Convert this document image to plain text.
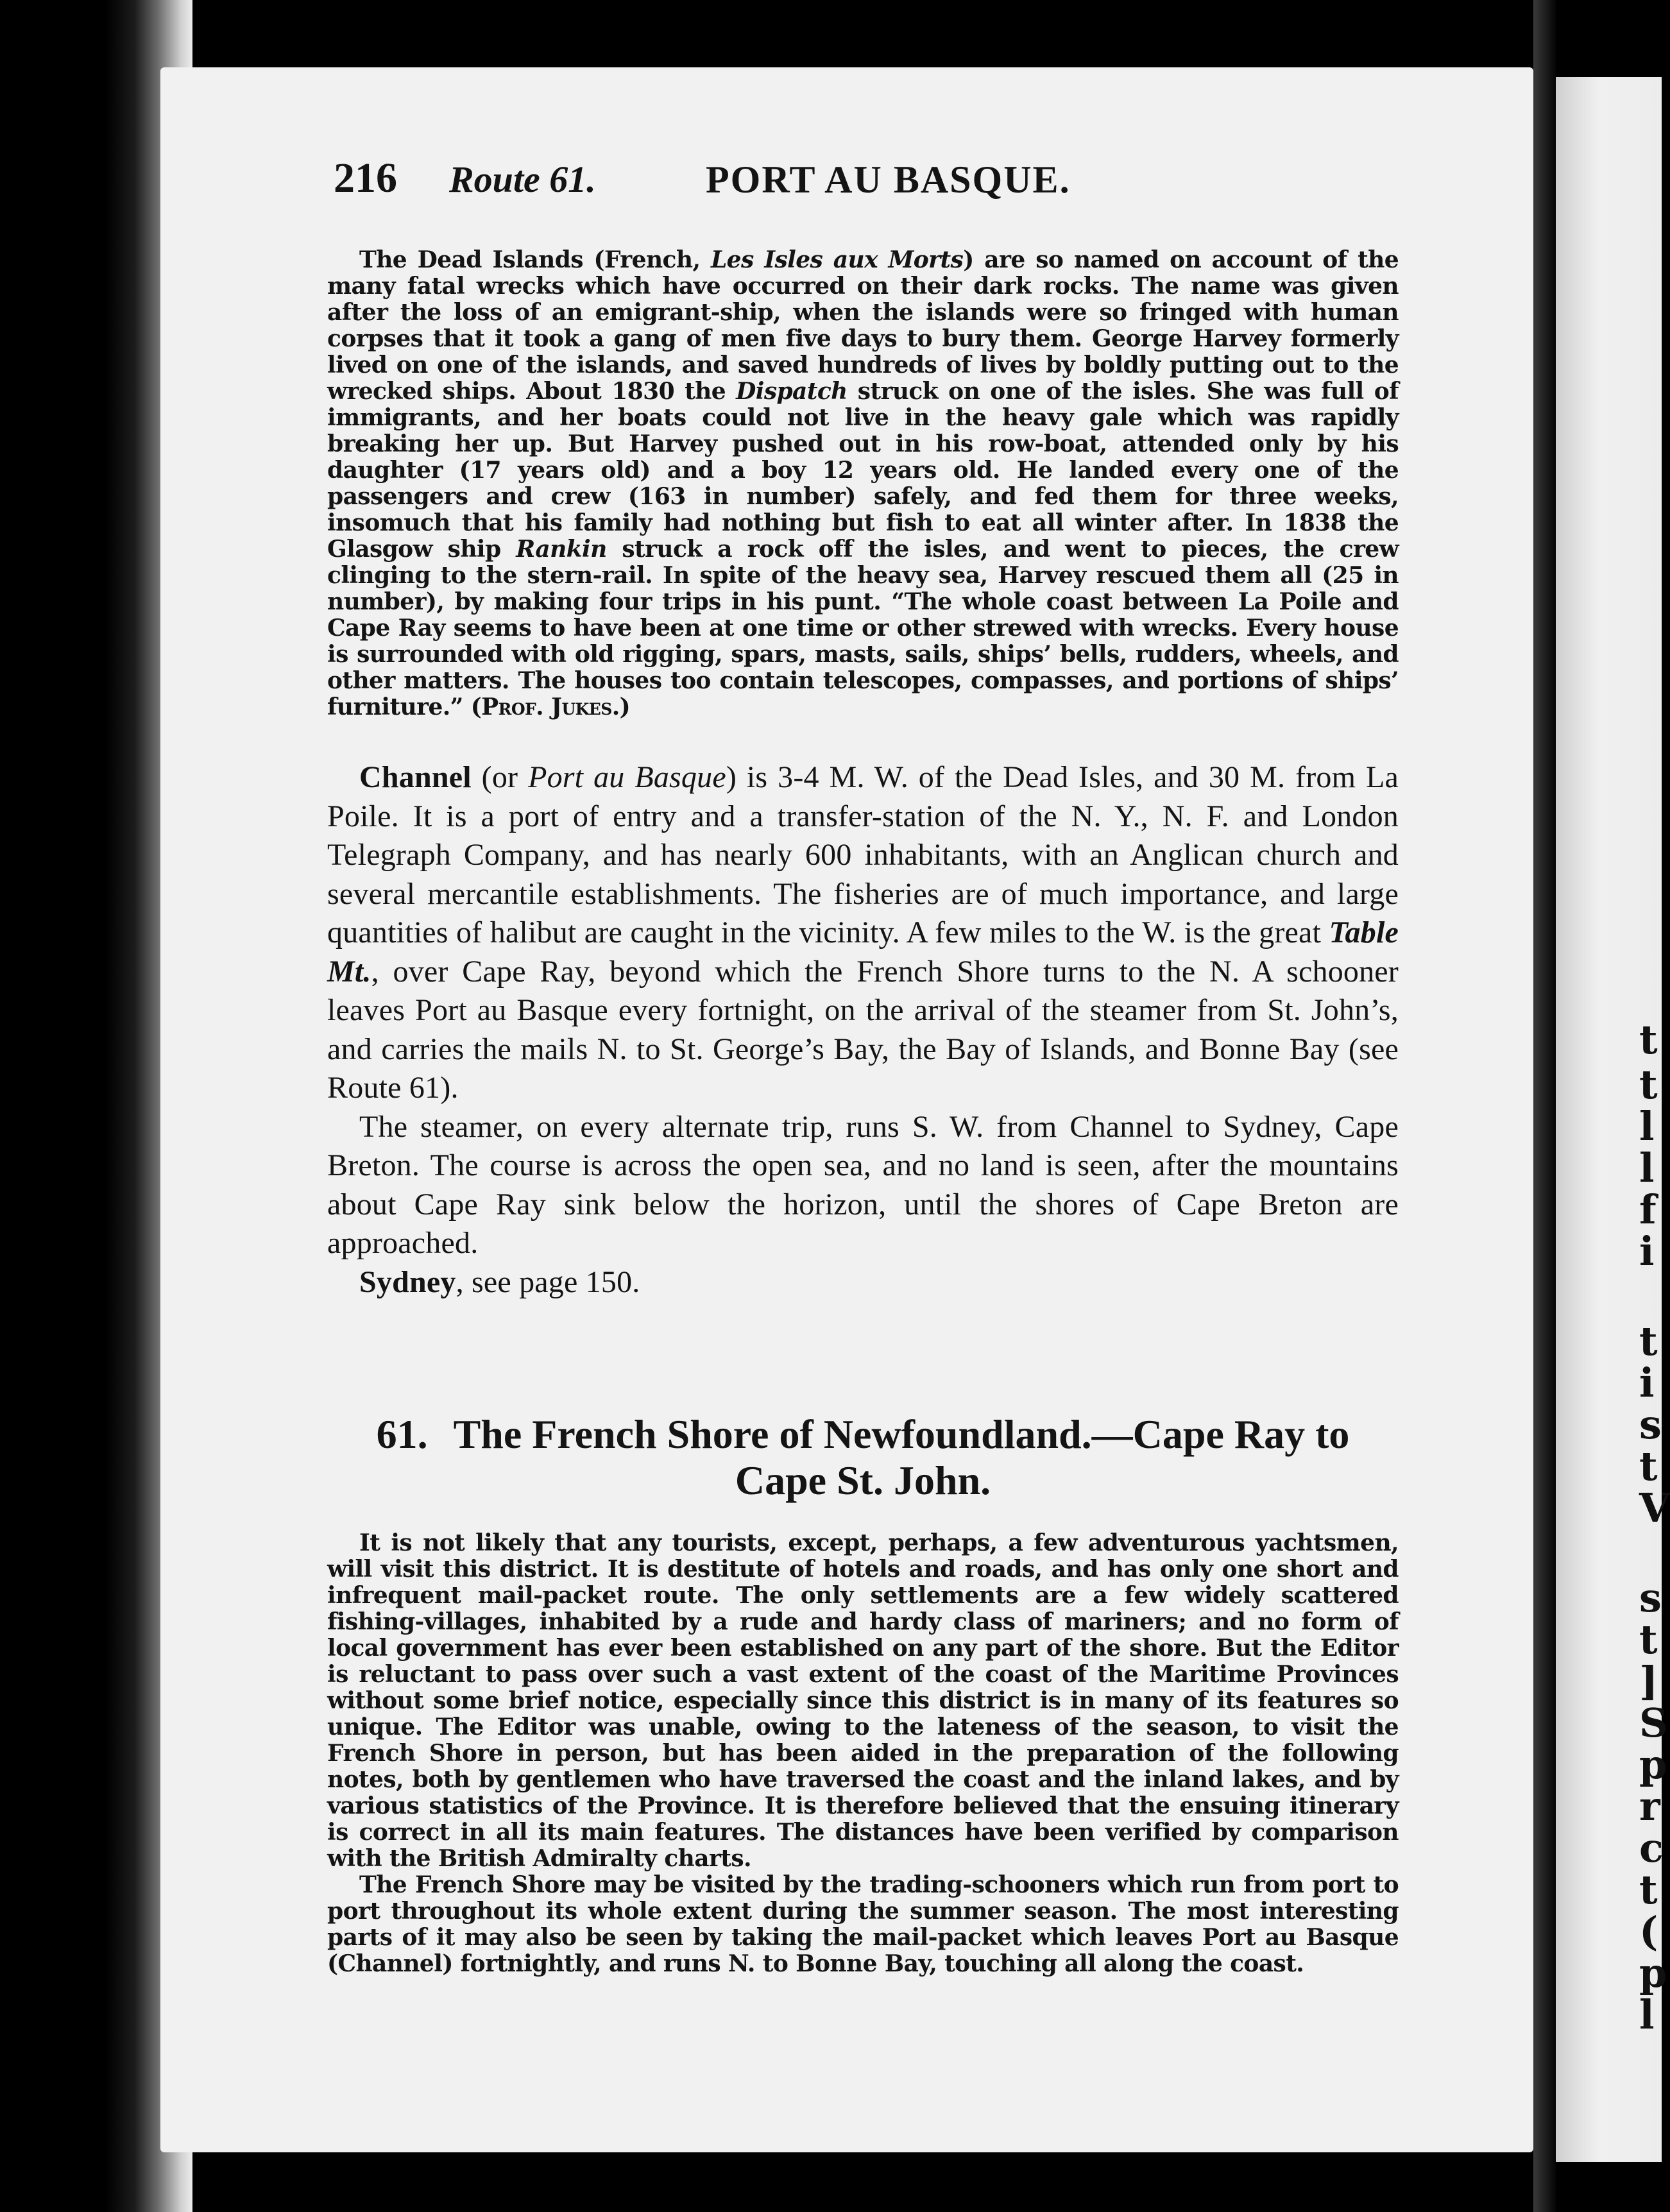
t
t
l
l
f
i
t
i
s
t
V
s
t
]
S
p
r
c
t
(
p
l
216 Route 61.	PORT AU BASQUE.

The Dead Islands (French, Les Isles aux Morts) are so named on account of the many fatal wrecks which have occurred on their dark rocks. The name was given after the loss of an emigrant-ship, when the islands were so fringed with human corpses that it took a gang of men five days to bury them. George Harvey formerly lived on one of the islands, and saved hundreds of lives by boldly putting out to the wrecked ships. About 1830 the Dispatch struck on one of the isles. She was full of immigrants, and her boats could not live in the heavy gale which was rapidly breaking her up. But Harvey pushed out in his row-boat, attended only by his daughter (17 years old) and a boy 12 years old. He landed every one of the passengers and crew (163 in number) safely, and fed them for three weeks, insomuch that his family had nothing but fish to eat all winter after. In 1838 the Glasgow ship Rankin struck a rock off the isles, and went to pieces, the crew clinging to the stern-rail. In spite of the heavy sea, Harvey rescued them all (25 in number), by making four trips in his punt. “The whole coast between La Poile and Cape Ray seems to have been at one time or other strewed with wrecks. Every house is surrounded with old rigging, spars, masts, sails, ships’ bells, rudders, wheels, and other matters. The houses too contain telescopes, compasses, and portions of ships’ furniture.” (Prof. Jukes.)

Channel (or Port au Basque) is 3-4 M. W. of the Dead Isles, and 30 M. from La Poile. It is a port of entry and a transfer-station of the N. Y., N. F. and London Telegraph Company, and has nearly 600 inhabitants, with an Anglican church and several mercantile establishments. The fisheries are of much importance, and large quantities of halibut are caught in the vicinity. A few miles to the W. is the great Table Mt., over Cape Ray, beyond which the French Shore turns to the N. A schooner leaves Port au Basque every fortnight, on the arrival of the steamer from St. John’s, and carries the mails N. to St. George’s Bay, the Bay of Islands, and Bonne Bay (see Route 61).

The steamer, on every alternate trip, runs S. W. from Channel to Sydney, Cape Breton. The course is across the open sea, and no land is seen, after the mountains about Cape Ray sink below the horizon, until the shores of Cape Breton are approached.

Sydney, see page 150.

61. The French Shore of Newfoundland.—Cape Ray to Cape St. John.

It is not likely that any tourists, except, perhaps, a few adventurous yachtsmen, will visit this district. It is destitute of hotels and roads, and has only one short and infrequent mail-packet route. The only settlements are a few widely scattered fishing-villages, inhabited by a rude and hardy class of mariners; and no form of local government has ever been established on any part of the shore. But the Editor is reluctant to pass over such a vast extent of the coast of the Maritime Provinces without some brief notice, especially since this district is in many of its features so unique. The Editor was unable, owing to the lateness of the season, to visit the French Shore in person, but has been aided in the preparation of the following notes, both by gentlemen who have traversed the coast and the inland lakes, and by various statistics of the Province. It is therefore believed that the ensuing itinerary is correct in all its main features. The distances have been verified by comparison with the British Admiralty charts.

The French Shore may be visited by the trading-schooners which run from port to port throughout its whole extent during the summer season. The most interesting parts of it may also be seen by taking the mail-packet which leaves Port au Basque (Channel) fortnightly, and runs N. to Bonne Bay, touching all along the coast.
